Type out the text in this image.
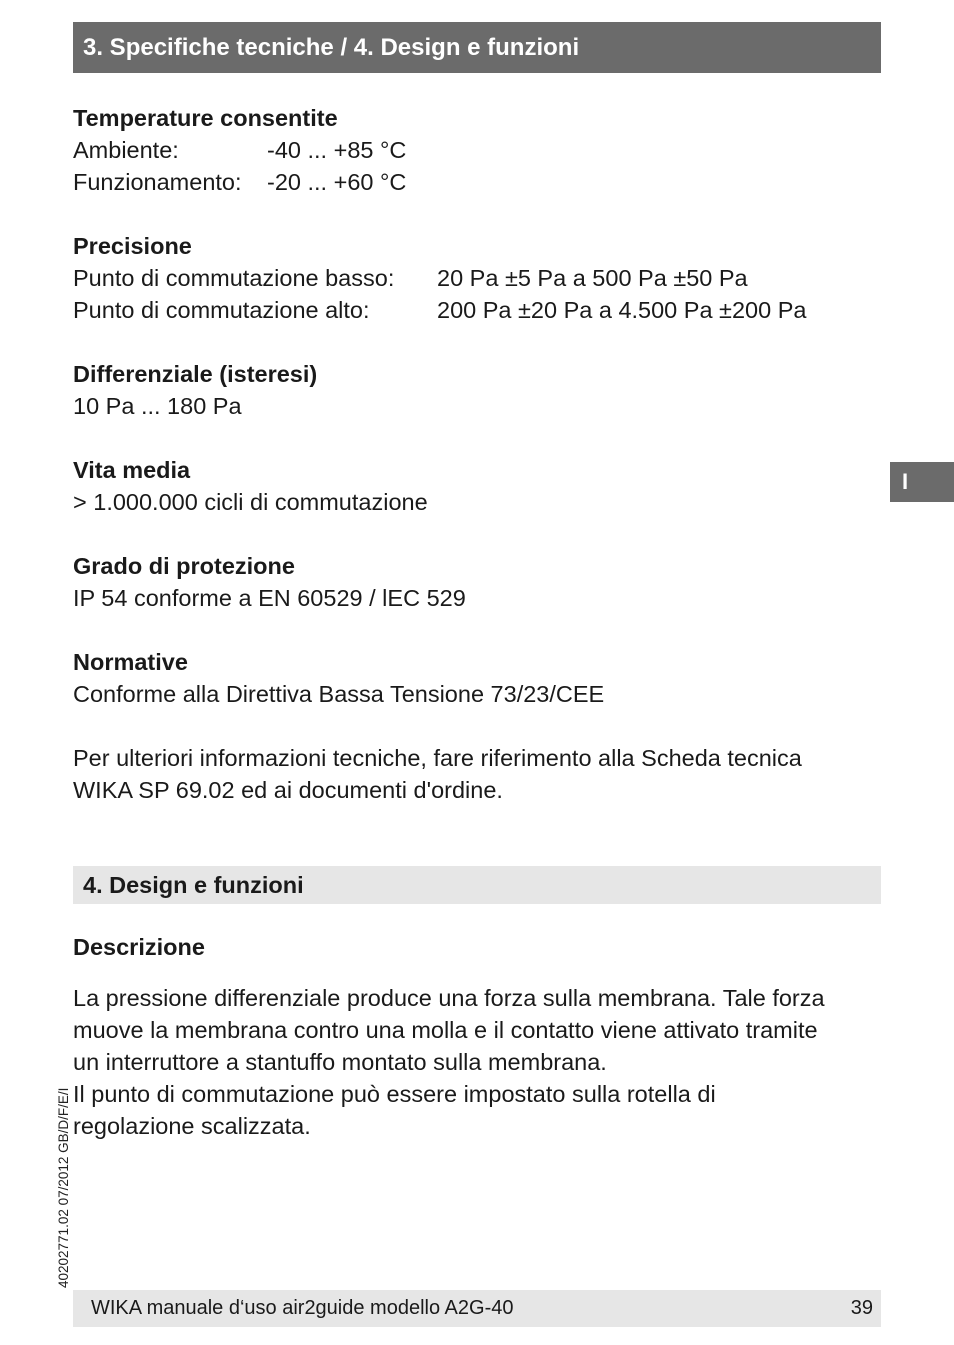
3. Specifiche tecniche / 4. Design e funzioni
I
Temperature consentite
Ambiente:	-40 ... +85 °C
Funzionamento: -20 ... +60 °C
Precisione
Punto di commutazione basso: 20 Pa ±5 Pa a 500 Pa ±50 Pa
Punto di commutazione alto:	200 Pa ±20 Pa a 4.500 Pa ±200 Pa
Differenziale (isteresi)
10 Pa ... 180 Pa
Vita media
> 1.000.000 cicli di commutazione
Grado di protezione
IP 54 conforme a EN 60529 / lEC 529
Normative
Conforme alla Direttiva Bassa Tensione 73/23/CEE
Per ulteriori informazioni tecniche, fare riferimento alla Scheda tecnica
WIKA SP 69.02 ed ai documenti d'ordine.
4. Design e funzioni
Descrizione
La pressione differenziale produce una forza sulla membrana. Tale forza
muove la membrana contro una molla e il contatto viene attivato tramite
un interruttore a stantuffo montato sulla membrana.
Il punto di commutazione può essere impostato sulla rotella di
regolazione scalizzata.
40202771.02 07/2012 GB/D/F/E/I
WIKA manuale d‘uso air2guide modello A2G-40	39
